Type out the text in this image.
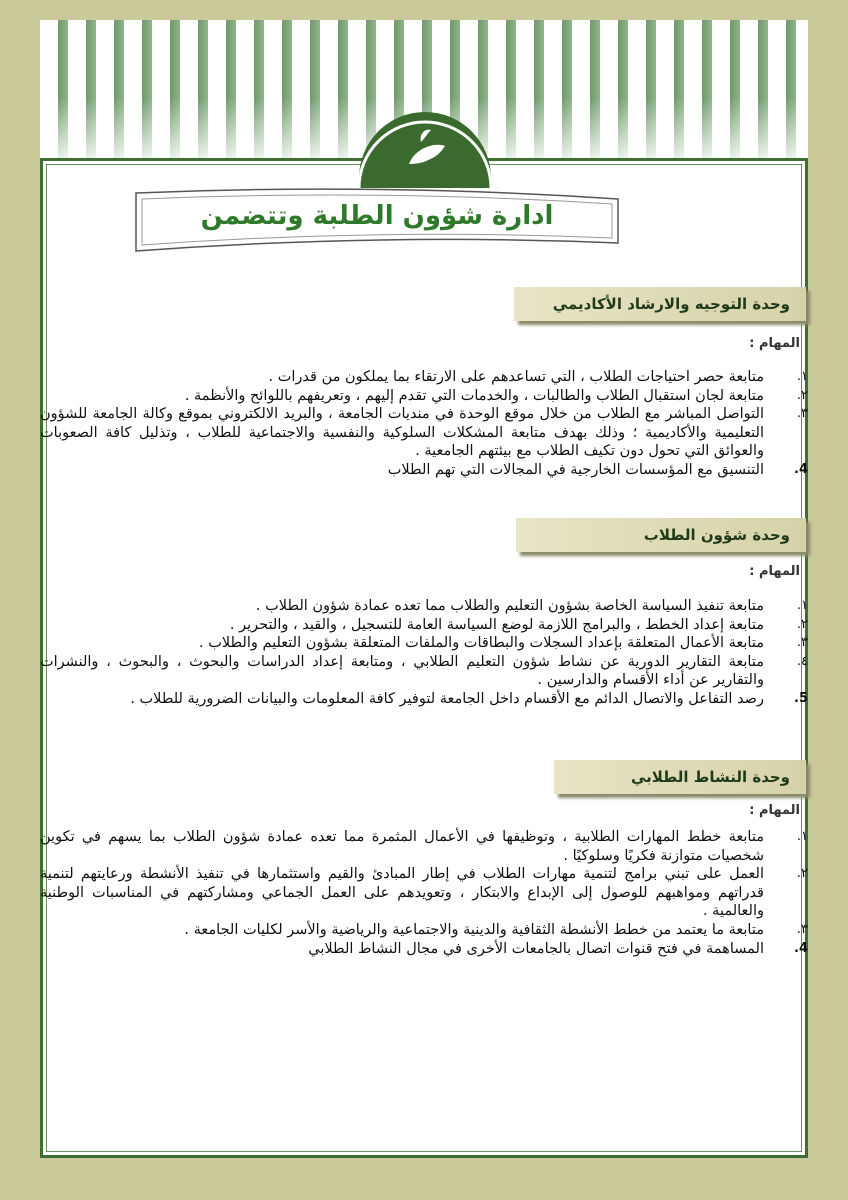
ادارة شؤون الطلبة وتتضمن
وحدة التوجيه والارشاد الأكاديمي
المهام :
١.
متابعة حصر احتياجات الطلاب ، التي تساعدهم على الارتقاء بما يملكون من قدرات .
٢.
متابعة لجان استقبال الطلاب والطالبات ، والخدمات التي تقدم إليهم ، وتعريفهم باللوائح والأنظمة .
٣.
التواصل المباشر مع الطلاب من خلال موقع الوحدة في منديات الجامعة ، والبريد الالكتروني بموقع وكالة الجامعة للشؤون التعليمية والأكاديمية ؛ وذلك بهدف متابعة المشكلات السلوكية والنفسية والاجتماعية للطلاب ، وتذليل كافة الصعوبات والعوائق التي تحول دون تكيف الطلاب مع بيئتهم الجامعية .
4.
التنسيق مع المؤسسات الخارجية في المجالات التي تهم الطلاب
وحدة شؤون الطلاب
المهام :
١.
متابعة تنفيذ السياسة الخاصة بشؤون التعليم والطلاب مما تعده عمادة شؤون الطلاب .
٢.
متابعة إعداد الخطط ، والبرامج اللازمة لوضع السياسة العامة للتسجيل ، والقيد ، والتحرير .
٣.
متابعة الأعمال المتعلقة بإعداد السجلات والبطاقات والملفات المتعلقة بشؤون التعليم والطلاب .
٤.
متابعة التقارير الدورية عن نشاط شؤون التعليم الطلابي ، ومتابعة إعداد الدراسات والبحوث ، والبحوث ، والنشرات والتقارير عن أداء الأقسام والدارسين .
5.
رصد التفاعل والاتصال الدائم مع الأقسام داخل الجامعة لتوفير كافة المعلومات والبيانات الضرورية للطلاب .
وحدة النشاط الطلابي
المهام :
١.
متابعة خطط المهارات الطلابية ، وتوظيفها في الأعمال المثمرة مما تعده عمادة شؤون الطلاب بما يسهم في تكوين شخصيات متوازنة فكريًا وسلوكيًا .
٢.
العمل على تبني برامج لتنمية مهارات الطلاب في إطار المبادئ والقيم واستثمارها في تنفيذ الأنشطة ورعايتهم لتنمية قدراتهم ومواهبهم للوصول إلى الإبداع والابتكار ، وتعويدهم على العمل الجماعي ومشاركتهم في المناسبات الوطنية والعالمية .
٣.
متابعة ما يعتمد من خطط الأنشطة الثقافية والدينية والاجتماعية والرياضية والأسر لكليات الجامعة .
4.
المساهمة في فتح قنوات اتصال بالجامعات الأخرى في مجال النشاط الطلابي
